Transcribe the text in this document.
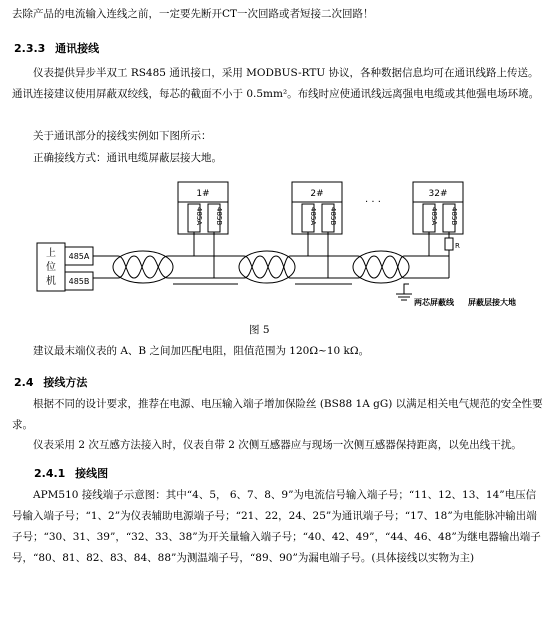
去除产品的电流输入连线之前，一定要先断开CT一次回路或者短接二次回路！
2.3.3 通讯接线
仪表提供异步半双工 RS485 通讯接口，采用 MODBUS-RTU 协议，各种数据信息均可在通讯线路上传送。通讯连接建议使用屏蔽双绞线，每芯的截面不小于 0.5mm²。布线时应使通讯线远离强电电缆或其他强电场环境。
关于通讯部分的接线实例如下图所示：
正确接线方式：通讯电缆屏蔽层接大地。
上
位
机
485A
485B
1#
485A 485B
2#
485A 485B
32#
485A 485B
. . .
R
两芯屏蔽线 屏蔽层接大地
图 5
建议最末端仪表的 A、B 之间加匹配电阻，阻值范围为 120Ω~10 kΩ。
2.4 接线方法
根据不同的设计要求，推荐在电源、电压输入端子增加保险丝 (BS88 1A gG) 以满足相关电气规范的安全性要求。
仪表采用 2 次互感方法接入时，仪表自带 2 次侧互感器应与现场一次侧互感器保持距离，以免出线干扰。
2.4.1 接线图
APM510 接线端子示意图：其中“4、5， 6、7、8、9”为电流信号输入端子号；“11、12、13、14”电压信号输入端子号；“1、2”为仪表辅助电源端子号；“21、22，24、25”为通讯端子号；“17、18”为电能脉冲输出端子号；“30、31、39”，“32、33、38”为开关量输入端子号；“40、42、49”，“44、46、48”为继电器输出端子号，“80、81、82、83、84、88”为测温端子号，“89、90”为漏电端子号。(具体接线以实物为主)
